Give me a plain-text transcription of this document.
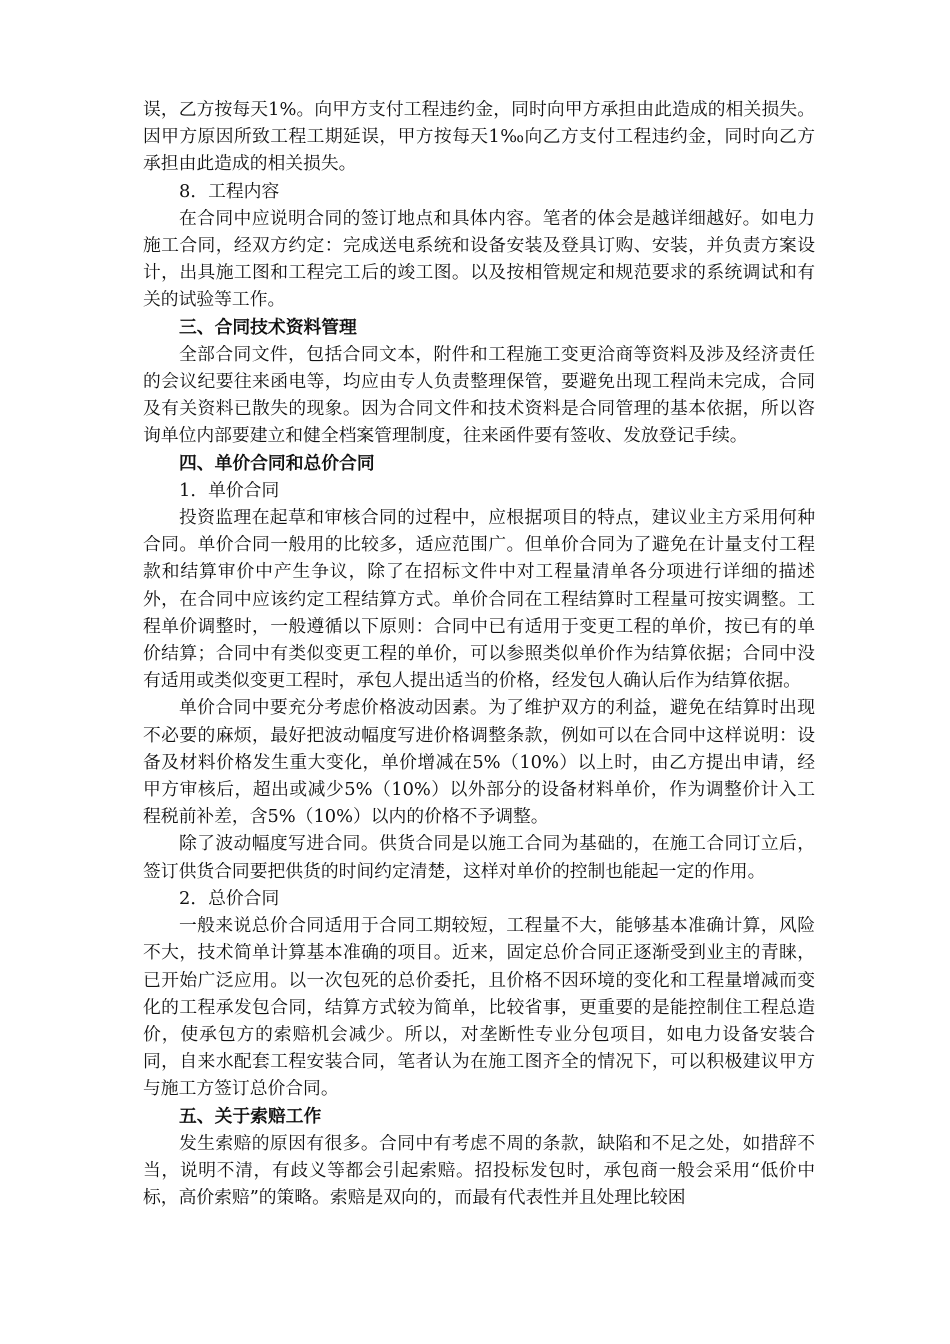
误，乙方按每天1%。向甲方支付工程违约金，同时向甲方承担由此造成的相关损失。因甲方原因所致工程工期延误，甲方按每天1‰向乙方支付工程违约金，同时向乙方承担由此造成的相关损失。

8．工程内容

在合同中应说明合同的签订地点和具体内容。笔者的体会是越详细越好。如电力施工合同，经双方约定：完成送电系统和设备安装及登具订购、安装，并负责方案设计，出具施工图和工程完工后的竣工图。以及按相管规定和规范要求的系统调试和有关的试验等工作。

三、合同技术资料管理

全部合同文件，包括合同文本，附件和工程施工变更洽商等资料及涉及经济责任的会议纪要往来函电等，均应由专人负责整理保管，要避免出现工程尚未完成，合同及有关资料已散失的现象。因为合同文件和技术资料是合同管理的基本依据，所以咨询单位内部要建立和健全档案管理制度，往来函件要有签收、发放登记手续。

四、单价合同和总价合同
1．单价合同

投资监理在起草和审核合同的过程中，应根据项目的特点，建议业主方采用何种合同。单价合同一般用的比较多，适应范围广。但单价合同为了避免在计量支付工程款和结算审价中产生争议，除了在招标文件中对工程量清单各分项进行详细的描述外，在合同中应该约定工程结算方式。单价合同在工程结算时工程量可按实调整。工程单价调整时，一般遵循以下原则：合同中已有适用于变更工程的单价，按已有的单价结算；合同中有类似变更工程的单价，可以参照类似单价作为结算依据；合同中没有适用或类似变更工程时，承包人提出适当的价格，经发包人确认后作为结算依据。

单价合同中要充分考虑价格波动因素。为了维护双方的利益，避免在结算时出现不必要的麻烦，最好把波动幅度写进价格调整条款，例如可以在合同中这样说明：设备及材料价格发生重大变化，单价增减在5%（10%）以上时，由乙方提出申请，经甲方审核后，超出或减少5%（10%）以外部分的设备材料单价，作为调整价计入工程税前补差，含5%（10%）以内的价格不予调整。

除了波动幅度写进合同。供货合同是以施工合同为基础的，在施工合同订立后，签订供货合同要把供货的时间约定清楚，这样对单价的控制也能起一定的作用。

2．总价合同

一般来说总价合同适用于合同工期较短，工程量不大，能够基本准确计算，风险不大，技术简单计算基本准确的项目。近来，固定总价合同正逐渐受到业主的青睐，已开始广泛应用。以一次包死的总价委托，且价格不因环境的变化和工程量增减而变化的工程承发包合同，结算方式较为简单，比较省事，更重要的是能控制住工程总造价，使承包方的索赔机会减少。所以，对垄断性专业分包项目，如电力设备安装合同，自来水配套工程安装合同，笔者认为在施工图齐全的情况下，可以积极建议甲方与施工方签订总价合同。

五、关于索赔工作

发生索赔的原因有很多。合同中有考虑不周的条款，缺陷和不足之处，如措辞不当，说明不清，有歧义等都会引起索赔。招投标发包时，承包商一般会采用“低价中标，高价索赔”的策略。索赔是双向的，而最有代表性并且处理比较困
